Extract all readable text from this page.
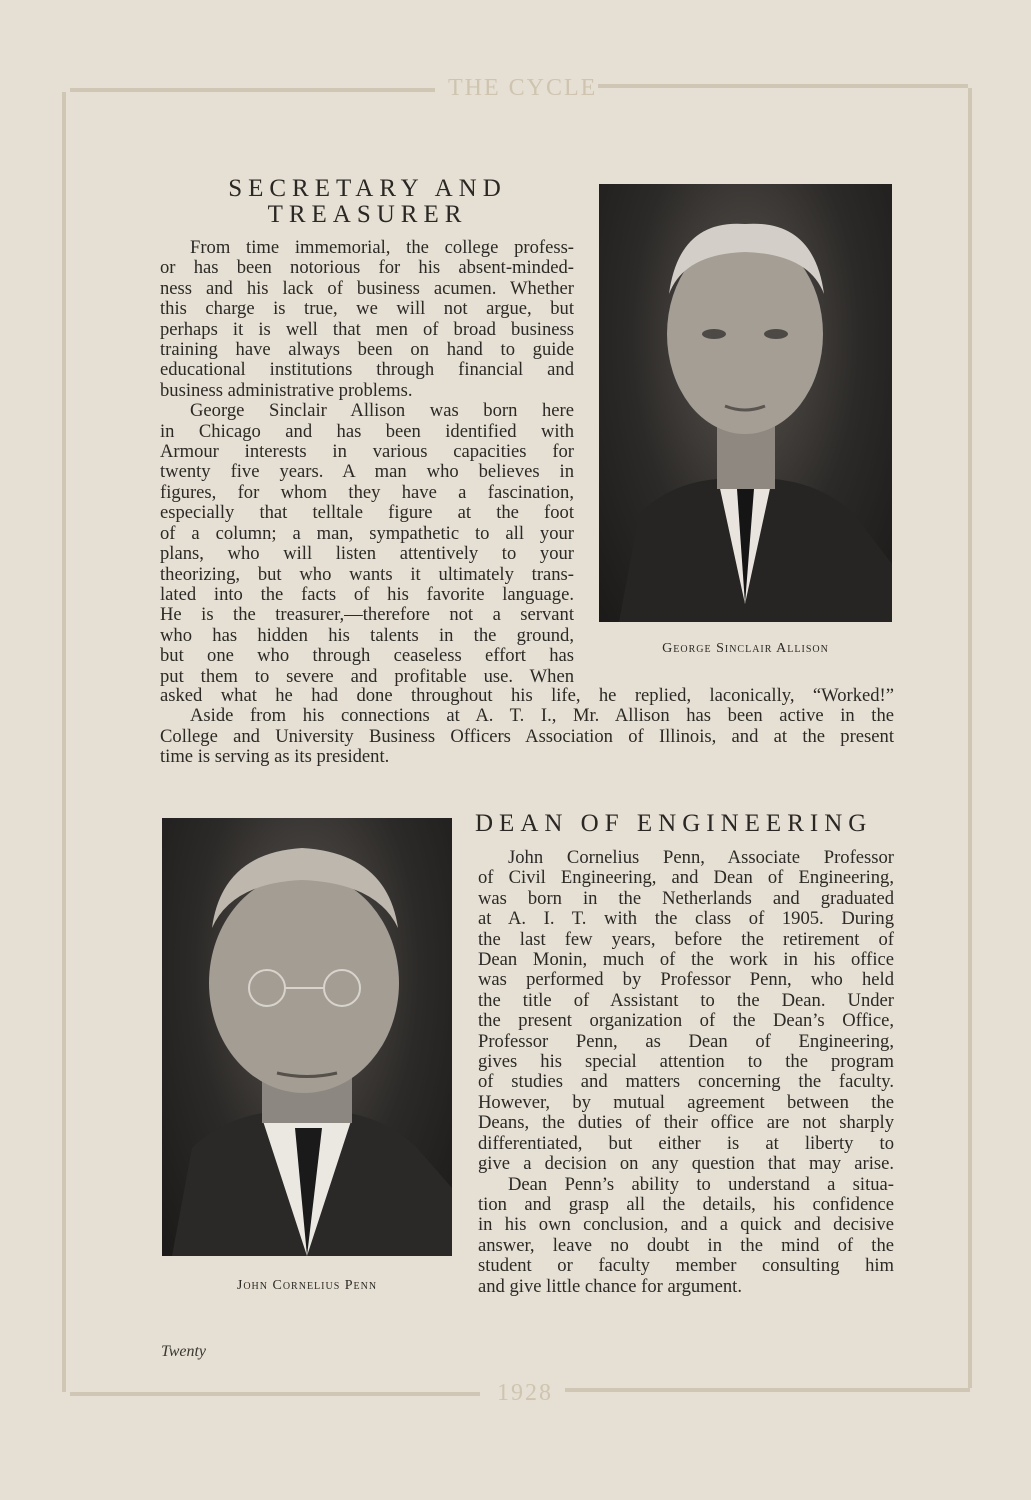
THE CYCLE
1928
SECRETARY AND
TREASURER
From time immemorial, the college profess-
or has been notorious for his absent-minded-
ness and his lack of business acumen. Whether
this charge is true, we will not argue, but
perhaps it is well that men of broad business
training have always been on hand to guide
educational institutions through financial and
business administrative problems.
George Sinclair Allison was born here
in Chicago and has been identified with
Armour interests in various capacities for
twenty five years. A man who believes in
figures, for whom they have a fascination,
especially that telltale figure at the foot
of a column; a man, sympathetic to all your
plans, who will listen attentively to your
theorizing, but who wants it ultimately trans-
lated into the facts of his favorite language.
He is the treasurer,—therefore not a servant
who has hidden his talents in the ground,
but one who through ceaseless effort has
put them to severe and profitable use. When
asked what he had done throughout his life, he replied, laconically, “Worked!”
Aside from his connections at A. T. I., Mr. Allison has been active in the
College and University Business Officers Association of Illinois, and at the present
time is serving as its president.
George Sinclair Allison
DEAN OF ENGINEERING
John Cornelius Penn, Associate Professor
of Civil Engineering, and Dean of Engineering,
was born in the Netherlands and graduated
at A. I. T. with the class of 1905. During
the last few years, before the retirement of
Dean Monin, much of the work in his office
was performed by Professor Penn, who held
the title of Assistant to the Dean. Under
the present organization of the Dean’s Office,
Professor Penn, as Dean of Engineering,
gives his special attention to the program
of studies and matters concerning the faculty.
However, by mutual agreement between the
Deans, the duties of their office are not sharply
differentiated, but either is at liberty to
give a decision on any question that may arise.
Dean Penn’s ability to understand a situa-
tion and grasp all the details, his confidence
in his own conclusion, and a quick and decisive
answer, leave no doubt in the mind of the
student or faculty member consulting him
and give little chance for argument.
John Cornelius Penn
Twenty
